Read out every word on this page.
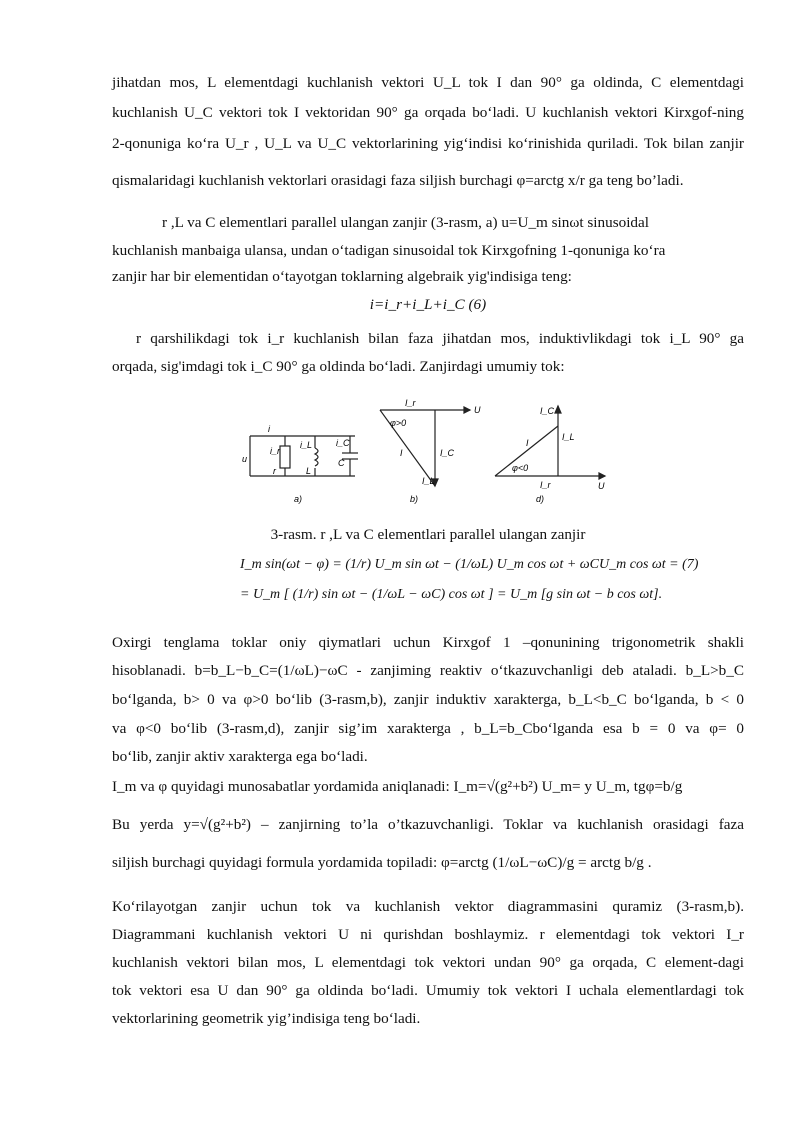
jihatdan mos, L elementdagi kuchlanish vektori U_L tok I dan 90° ga oldinda, C elementdagi
kuchlanish U_C vektori tok I vektoridan 90° ga orqada bo‘ladi. U kuchlanish vektori Kirxgof-ning
2-qonuniga ko‘ra U_r , U_L va U_C vektorlarining yig‘indisi ko‘rinishida quriladi. Tok bilan zanjir
qismalaridagi kuchlanish vektorlari orasidagi faza siljish burchagi φ=arctg x/r ga teng bo’ladi.
r ,L va C elementlari parallel ulangan zanjir (3-rasm, a) u=U_m sinωt sinusoidal
kuchlanish manbaiga ulansa, undan o‘tadigan sinusoidal tok Kirxgofning 1-qonuniga ko‘ra
zanjir har bir elementidan o‘tayotgan toklarning algebraik yig'indisiga teng:
i=i_r+i_L+i_C (6)
r qarshilikdagi tok i_r kuchlanish bilan faza jihatdan mos, induktivlikdagi tok i_L 90° ga
orqada, sig'imdagi tok i_C 90° ga oldinda bo‘ladi. Zanjirdagi umumiy tok:
i
i_r
i_L	i_C
u
r	L
C
a)
I_r
U
φ>0
I	I_C
I_L
b)
I_C
I_L
I
φ<0
I_r	U
d)
3-rasm. r ,L va C elementlari parallel ulangan zanjir
I_m sin(ωt − φ) = (1/r) U_m sin ωt − (1/ωL) U_m cos ωt + ωCU_m cos ωt = (7)
= U_m [ (1/r) sin ωt − (1/ωL − ωC) cos ωt ] = U_m [g sin ωt − b cos ωt].
Oxirgi tenglama toklar oniy qiymatlari uchun Kirxgof 1 –qonunining trigonometrik shakli
hisoblanadi. b=b_L−b_C=(1/ωL)−ωC - zanjiming reaktiv o‘tkazuvchanligi deb ataladi. b_L>b_C
bo‘lganda, b> 0 va φ>0 bo‘lib (3-rasm,b), zanjir induktiv xarakterga, b_L<b_C bo‘lganda, b < 0
va φ<0 bo‘lib (3-rasm,d), zanjir sig’im xarakterga , b_L=b_Cbo‘lganda esa b = 0 va φ= 0
bo‘lib, zanjir aktiv xarakterga ega bo‘ladi.
I_m va φ quyidagi munosabatlar yordamida aniqlanadi: I_m=√(g²+b²) U_m= y U_m, tgφ=b/g
Bu yerda y=√(g²+b²) – zanjirning to’la o’tkazuvchanligi. Toklar va kuchlanish orasidagi faza
siljish burchagi quyidagi formula yordamida topiladi: φ=arctg (1/ωL−ωC)/g = arctg b/g .
Ko‘rilayotgan zanjir uchun tok va kuchlanish vektor diagrammasini quramiz (3-rasm,b).
Diagrammani kuchlanish vektori U ni qurishdan boshlaymiz. r elementdagi tok vektori I_r
kuchlanish vektori bilan mos, L elementdagi tok vektori undan 90° ga orqada, C element-dagi
tok vektori esa U dan 90° ga oldinda bo‘ladi. Umumiy tok vektori I uchala elementlardagi tok
vektorlarining geometrik yig’indisiga teng bo‘ladi.
